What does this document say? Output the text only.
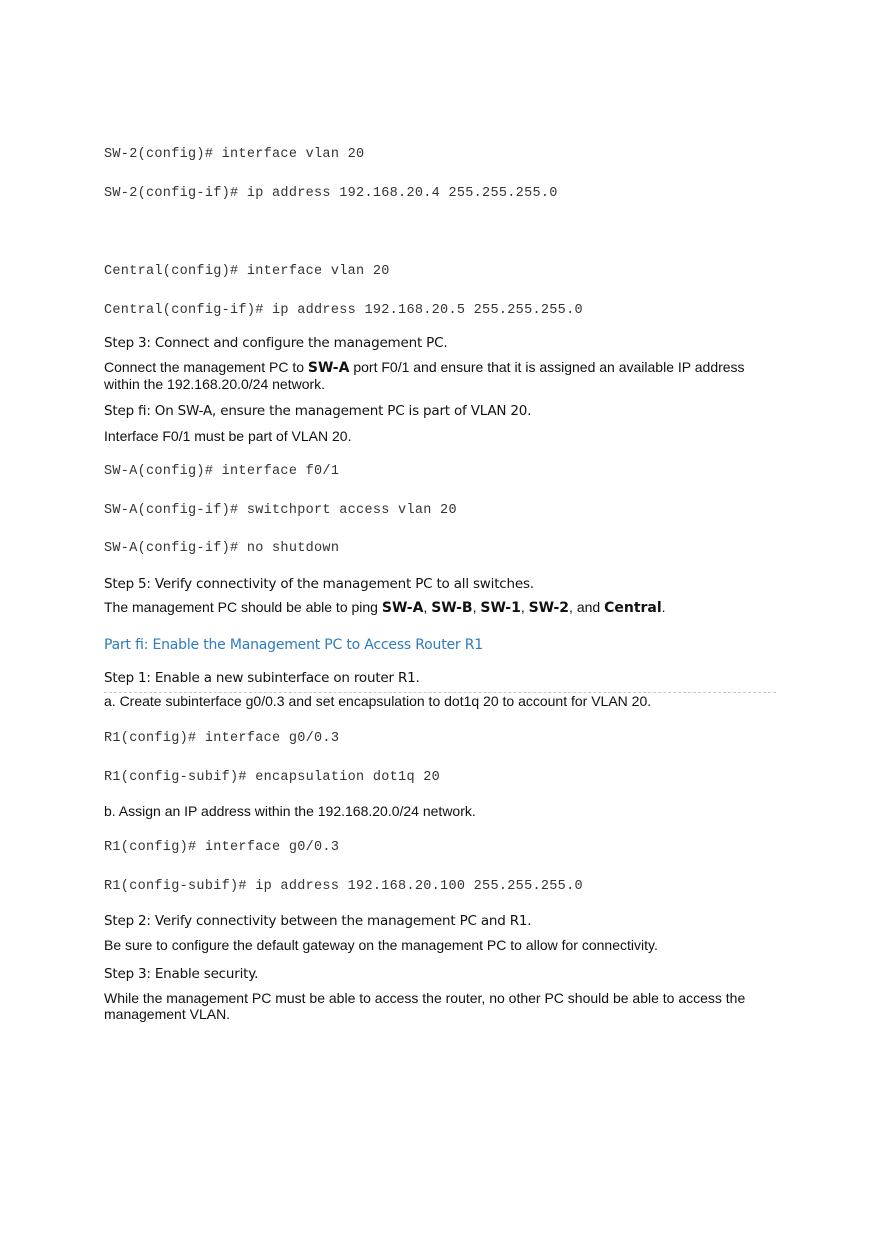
SW-2(config)# interface vlan 20

SW-2(config-if)# ip address 192.168.20.4 255.255.255.0

Central(config)# interface vlan 20

Central(config-if)# ip address 192.168.20.5 255.255.255.0

Step 3: Connect and configure the management PC.

Connect the management PC to SW-A port F0/1 and ensure that it is assigned an available IP address within the 192.168.20.0/24 network.

Step ﬁ: On SW-A, ensure the management PC is part of VLAN 20.

Interface F0/1 must be part of VLAN 20.

SW-A(config)# interface f0/1

SW-A(config-if)# switchport access vlan 20

SW-A(config-if)# no shutdown

Step 5: Verify connectivity of the management PC to all switches.

The management PC should be able to ping SW-A, SW-B, SW-1, SW-2, and Central.

Part ﬁ: Enable the Management PC to Access Router R1

Step 1: Enable a new subinterface on router R1.

a. Create subinterface g0/0.3 and set encapsulation to dot1q 20 to account for VLAN 20.

R1(config)# interface g0/0.3

R1(config-subif)# encapsulation dot1q 20

b. Assign an IP address within the 192.168.20.0/24 network.

R1(config)# interface g0/0.3

R1(config-subif)# ip address 192.168.20.100 255.255.255.0

Step 2: Verify connectivity between the management PC and R1.

Be sure to configure the default gateway on the management PC to allow for connectivity.

Step 3: Enable security.

While the management PC must be able to access the router, no other PC should be able to access the management VLAN.
